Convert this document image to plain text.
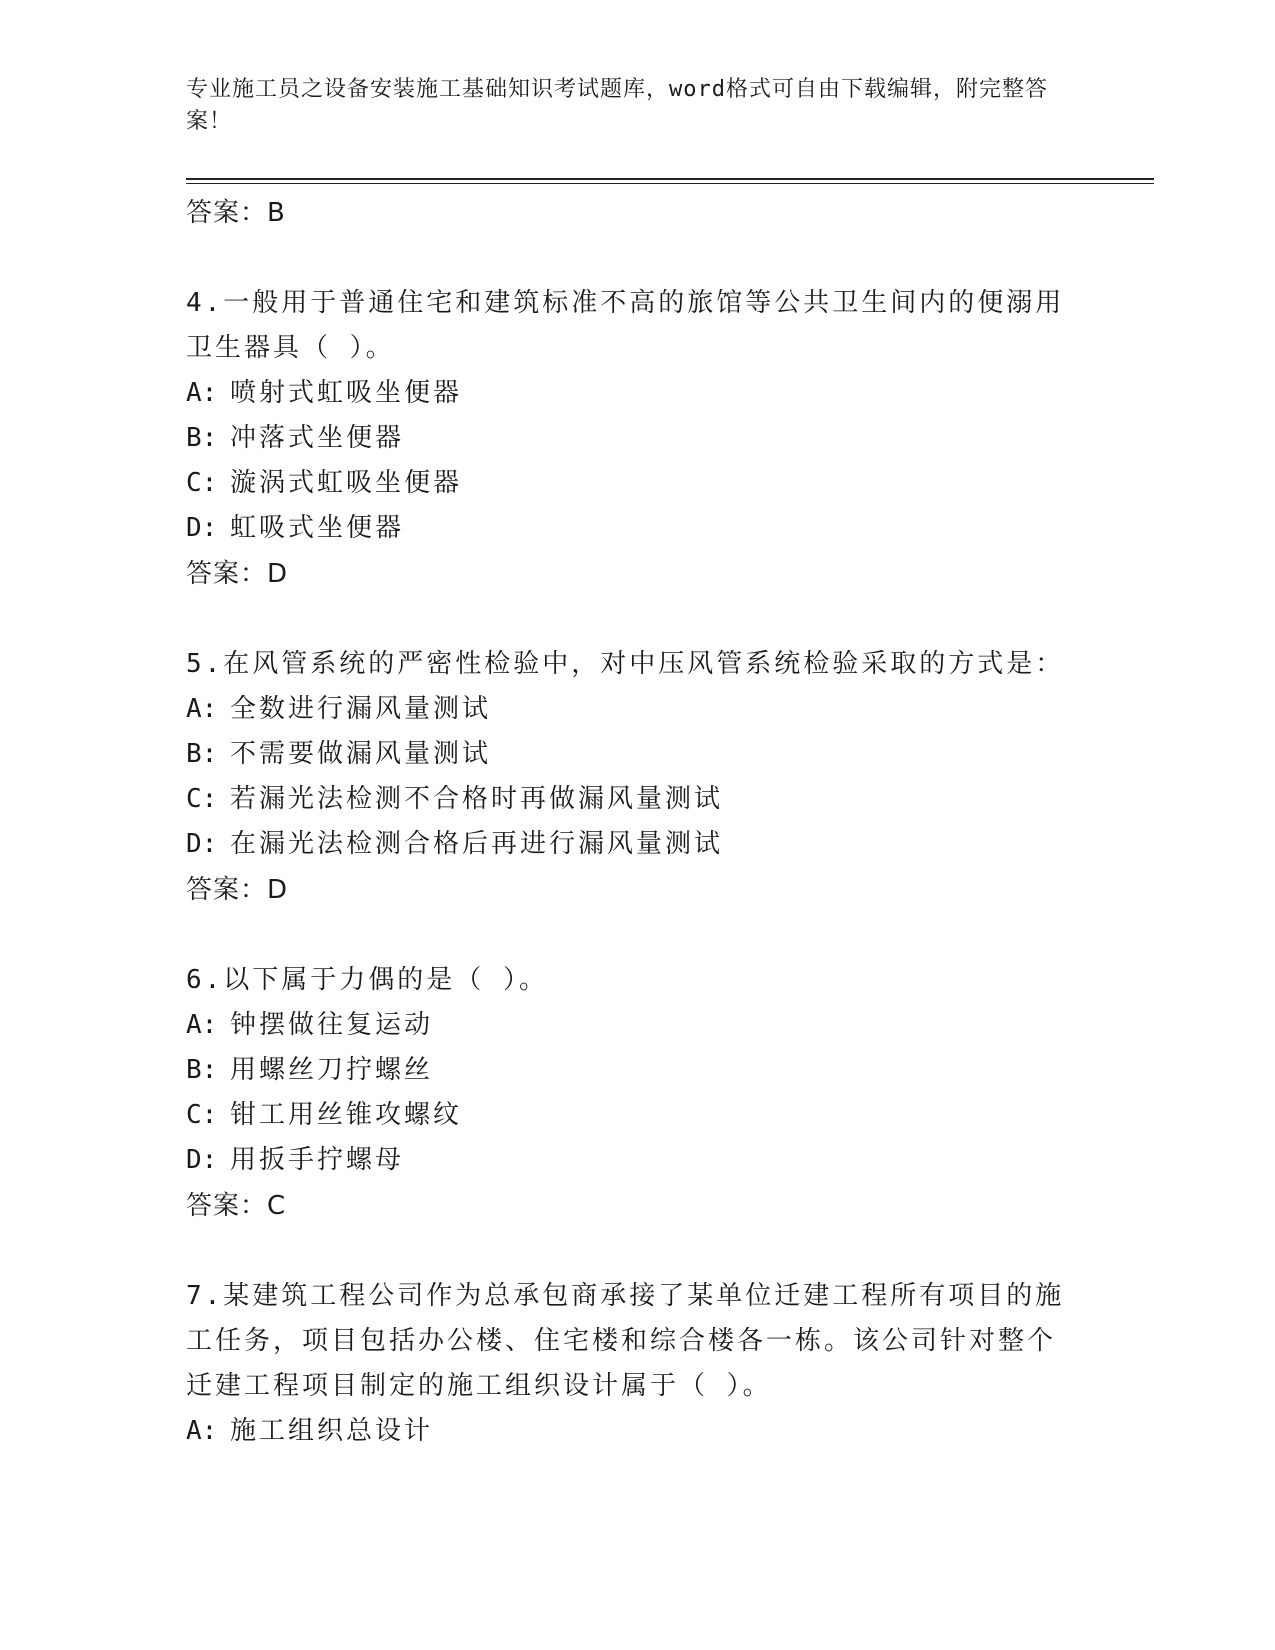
专业施工员之设备安装施工基础知识考试题库，word格式可自由下载编辑，附完整答案！
答案：B
4.一般用于普通住宅和建筑标准不高的旅馆等公共卫生间内的便溺用卫生器具（ ）。
A: 喷射式虹吸坐便器
B: 冲落式坐便器
C: 漩涡式虹吸坐便器
D: 虹吸式坐便器
答案：D
5.在风管系统的严密性检验中，对中压风管系统检验采取的方式是：
A: 全数进行漏风量测试
B: 不需要做漏风量测试
C: 若漏光法检测不合格时再做漏风量测试
D: 在漏光法检测合格后再进行漏风量测试
答案：D
6.以下属于力偶的是（ ）。
A: 钟摆做往复运动
B: 用螺丝刀拧螺丝
C: 钳工用丝锥攻螺纹
D: 用扳手拧螺母
答案：C
7.某建筑工程公司作为总承包商承接了某单位迁建工程所有项目的施工任务，项目包括办公楼、住宅楼和综合楼各一栋。该公司针对整个迁建工程项目制定的施工组织设计属于（ ）。
A: 施工组织总设计
